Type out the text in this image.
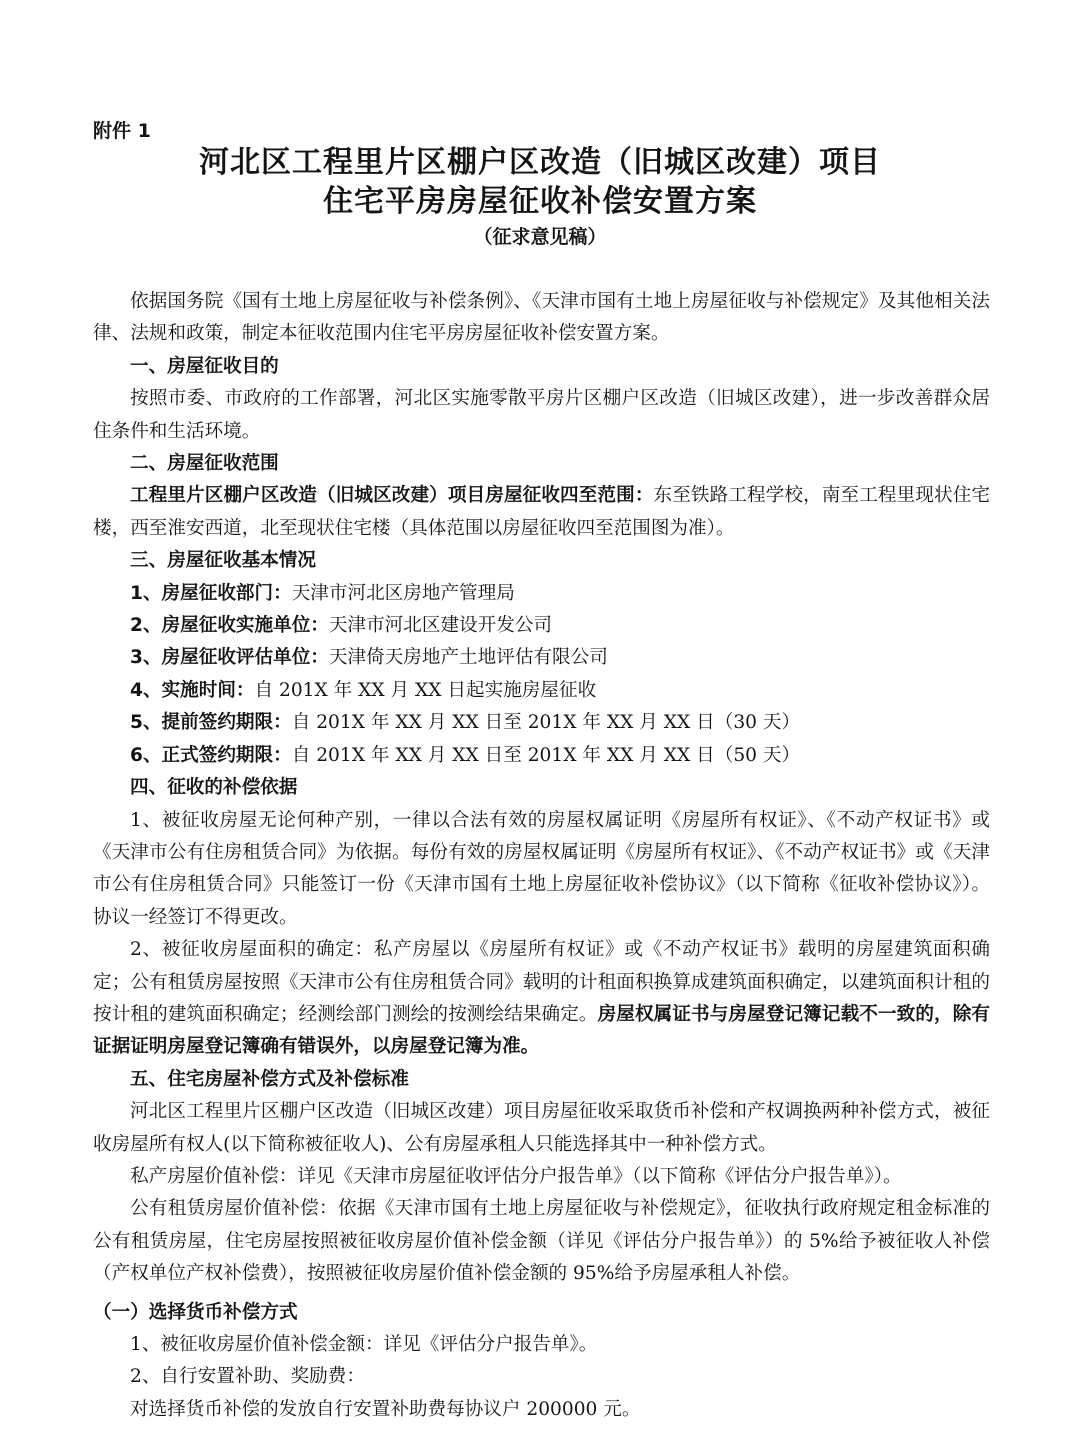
附件 1
河北区工程里片区棚户区改造（旧城区改建）项目
住宅平房房屋征收补偿安置方案
（征求意见稿）

依据国务院《国有土地上房屋征收与补偿条例》、《天津市国有土地上房屋征收与补偿规定》及其他相关法律、法规和政策，制定本征收范围内住宅平房房屋征收补偿安置方案。

一、房屋征收目的

按照市委、市政府的工作部署，河北区实施零散平房片区棚户区改造（旧城区改建），进一步改善群众居住条件和生活环境。

二、房屋征收范围

工程里片区棚户区改造（旧城区改建）项目房屋征收四至范围：东至铁路工程学校，南至工程里现状住宅楼，西至淮安西道，北至现状住宅楼（具体范围以房屋征收四至范围图为准）。

三、房屋征收基本情况

1、房屋征收部门：天津市河北区房地产管理局

2、房屋征收实施单位：天津市河北区建设开发公司

3、房屋征收评估单位：天津倚天房地产土地评估有限公司

4、实施时间：自 201X 年 XX 月 XX 日起实施房屋征收

5、提前签约期限：自 201X 年 XX 月 XX 日至 201X 年 XX 月 XX 日（30 天）

6、正式签约期限：自 201X 年 XX 月 XX 日至 201X 年 XX 月 XX 日（50 天）

四、征收的补偿依据

1、被征收房屋无论何种产别，一律以合法有效的房屋权属证明《房屋所有权证》、《不动产权证书》或《天津市公有住房租赁合同》为依据。每份有效的房屋权属证明《房屋所有权证》、《不动产权证书》或《天津市公有住房租赁合同》只能签订一份《天津市国有土地上房屋征收补偿协议》（以下简称《征收补偿协议》）。协议一经签订不得更改。

2、被征收房屋面积的确定：私产房屋以《房屋所有权证》或《不动产权证书》载明的房屋建筑面积确定；公有租赁房屋按照《天津市公有住房租赁合同》载明的计租面积换算成建筑面积确定，以建筑面积计租的按计租的建筑面积确定；经测绘部门测绘的按测绘结果确定。房屋权属证书与房屋登记簿记载不一致的，除有证据证明房屋登记簿确有错误外，以房屋登记簿为准。

五、住宅房屋补偿方式及补偿标准

河北区工程里片区棚户区改造（旧城区改建）项目房屋征收采取货币补偿和产权调换两种补偿方式，被征收房屋所有权人(以下简称被征收人)、公有房屋承租人只能选择其中一种补偿方式。

私产房屋价值补偿：详见《天津市房屋征收评估分户报告单》（以下简称《评估分户报告单》）。

公有租赁房屋价值补偿：依据《天津市国有土地上房屋征收与补偿规定》，征收执行政府规定租金标准的公有租赁房屋，住宅房屋按照被征收房屋价值补偿金额（详见《评估分户报告单》）的 5%给予被征收人补偿（产权单位产权补偿费），按照被征收房屋价值补偿金额的 95%给予房屋承租人补偿。

（一）选择货币补偿方式

1、被征收房屋价值补偿金额：详见《评估分户报告单》。

2、自行安置补助、奖励费：

对选择货币补偿的发放自行安置补助费每协议户 200000 元。
